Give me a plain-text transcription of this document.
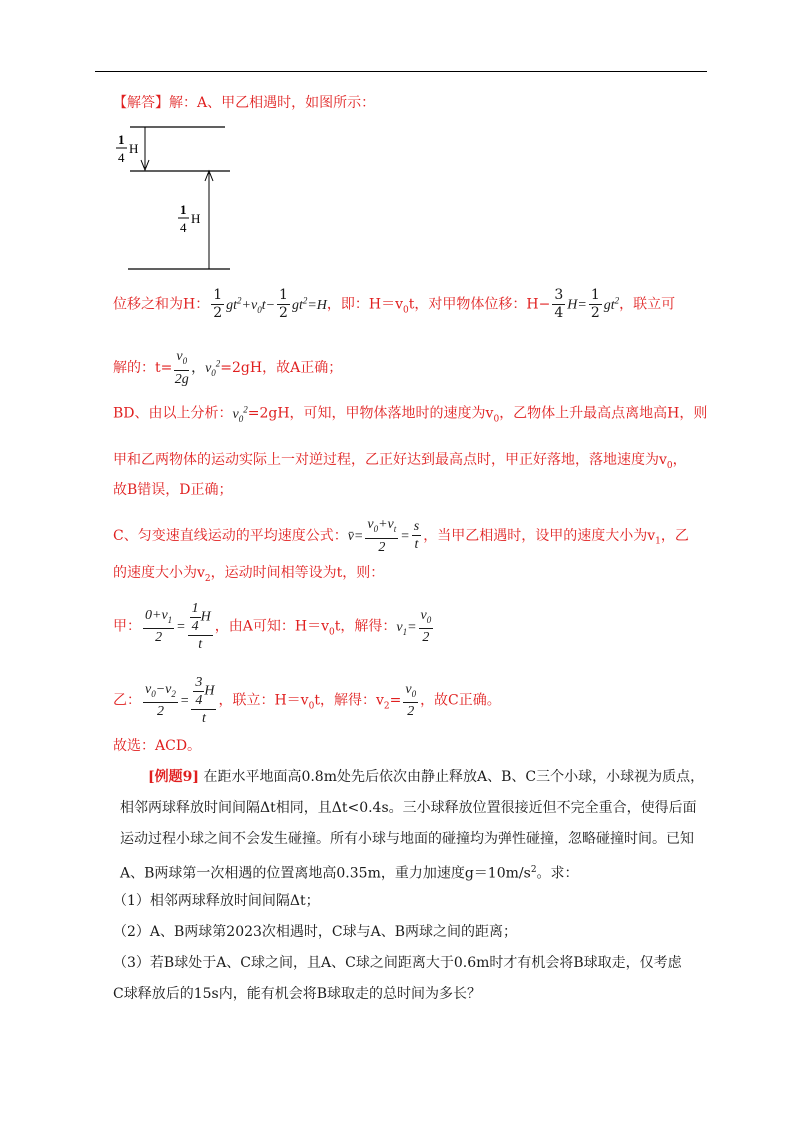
【解答】解：A、甲乙相遇时，如图所示：
1
4
H
1
4
H
位移之和为H： $\frac{1}{2} gt^2+v_0t- \frac{1}{2} gt^2=H$，即：$H=v_0t$，对甲物体位移：$H- \frac{3}{4} H= \frac{1}{2} gt^2$，联立可
解的：$t= \frac{v_0}{2g}$ ，$v_0^2=2gH$，故A正确；
BD、由以上分析：$v_0^2=2gH$，可知，甲物体落地时的速度为$v_0$，乙物体上升最高点离地高H，则
甲和乙两物体的运动实际上一对逆过程，乙正好达到最高点时，甲正好落地，落地速度为$v_0$，
故B错误，D正确；
C、匀变速直线运动的平均速度公式：v̄= $\frac{v_0+v_t}{2} = \frac{s}{t}$ ，当甲乙相遇时，设甲的速度大小为$v_1$，乙
的速度大小为$v_2$，运动时间相等设为t，则：
甲： $\frac{0+v_1}{2} = \frac{\frac{1}{4} H}{t}$ ，由A可知：$H=v_0t$，解得：$v_1= \frac{v_0}{2}$
乙： $\frac{v_0-v_2}{2} = \frac{\frac{3}{4} H}{t}$ ，联立：$H=v_0t$，解得：$v_2= \frac{v_0}{2}$ ，故C正确。
故选：ACD。
[例题9] 在距水平地面高0.8m处先后依次由静止释放A、B、C三个小球，小球视为质点，
相邻两球释放时间间隔Δt相同，且Δt<0.4s。三小球释放位置很接近但不完全重合，使得后面
运动过程小球之间不会发生碰撞。所有小球与地面的碰撞均为弹性碰撞，忽略碰撞时间。已知
A、B两球第一次相遇的位置离地高0.35m，重力加速度$g=10m/s^2$。求：
（1）相邻两球释放时间间隔Δt；
（2）A、B两球第2023次相遇时，C球与A、B两球之间的距离；
（3）若B球处于A、C球之间，且A、C球之间距离大于0.6m时才有机会将B球取走，仅考虑
C球释放后的15s内，能有机会将B球取走的总时间为多长？
